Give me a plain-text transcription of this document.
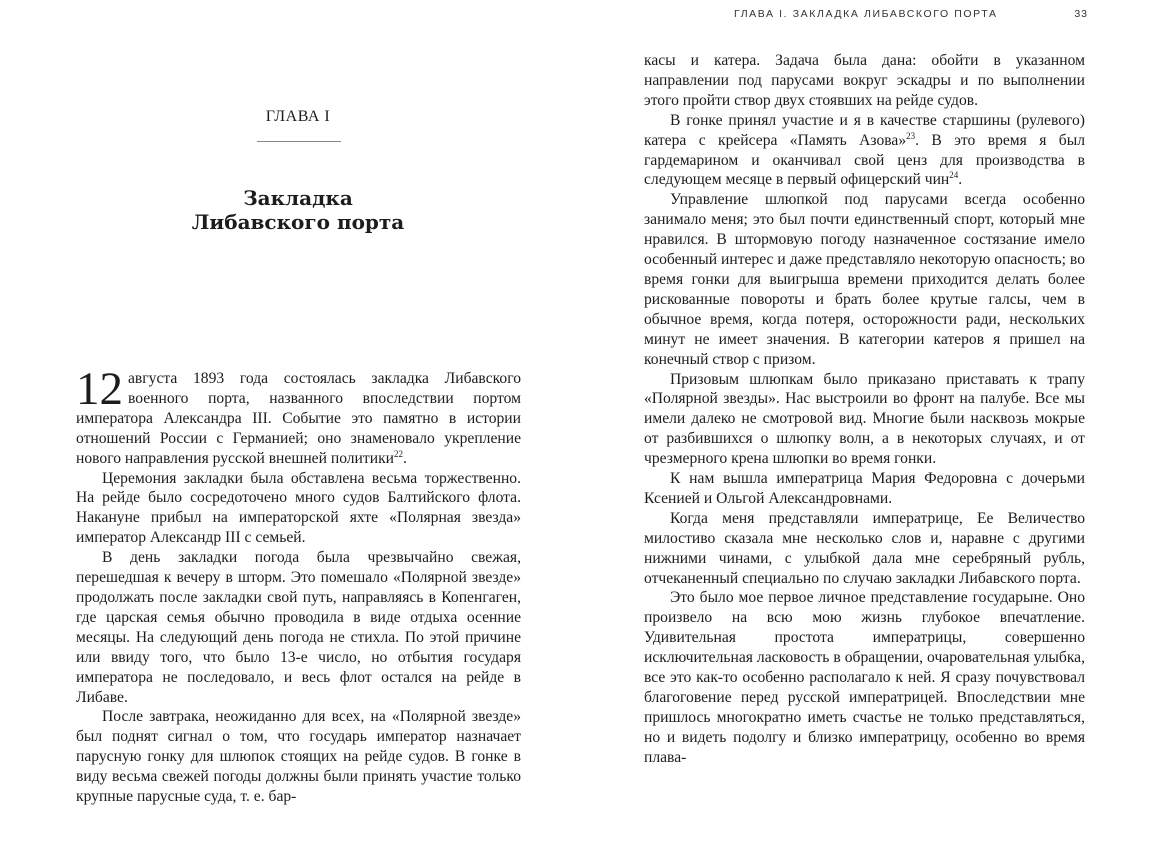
ГЛАВА I
Закладка
Либавского порта

12 августа 1893 года состоялась закладка Либавского военного порта, названного впоследствии портом императора Александра III. Событие это памятно в истории отношений России с Германией; оно знаменовало укрепление нового направления русской внешней политики$^{22}$.

Церемония закладки была обставлена весьма торжественно. На рейде было сосредоточено много судов Балтийского флота. Накануне прибыл на императорской яхте «Полярная звезда» император Александр III с семьей.

В день закладки погода была чрезвычайно свежая, перешедшая к вечеру в шторм. Это помешало «Полярной звезде» продолжать после закладки свой путь, направляясь в Копенгаген, где царская семья обычно проводила в виде отдыха осенние месяцы. На следующий день погода не стихла. По этой причине или ввиду того, что было 13-е число, но отбытия государя императора не последовало, и весь флот остался на рейде в Либаве.

После завтрака, неожиданно для всех, на «Полярной звезде» был поднят сигнал о том, что государь император назначает парусную гонку для шлюпок стоящих на рейде судов. В гонке в виду весьма свежей погоды должны были принять участие только крупные парусные суда, т. е. бар-

ГЛАВА I. ЗАКЛАДКА ЛИБАВСКОГО ПОРТА	33

касы и катера. Задача была дана: обойти в указанном направлении под парусами вокруг эскадры и по выполнении этого пройти створ двух стоявших на рейде судов.

В гонке принял участие и я в качестве старшины (рулевого) катера с крейсера «Память Азова»$^{23}$. В это время я был гардемарином и оканчивал свой ценз для производства в следующем месяце в первый офицерский чин$^{24}$.

Управление шлюпкой под парусами всегда особенно занимало меня; это был почти единственный спорт, который мне нравился. В штормовую погоду назначенное состязание имело особенный интерес и даже представляло некоторую опасность; во время гонки для выигрыша времени приходится делать более рискованные повороты и брать более крутые галсы, чем в обычное время, когда потеря, осторожности ради, нескольких минут не имеет значения. В категории катеров я пришел на конечный створ с призом.

Призовым шлюпкам было приказано приставать к трапу «Полярной звезды». Нас выстроили во фронт на палубе. Все мы имели далеко не смотровой вид. Многие были насквозь мокрые от разбившихся о шлюпку волн, а в некоторых случаях, и от чрезмерного крена шлюпки во время гонки.

К нам вышла императрица Мария Федоровна с дочерьми Ксенией и Ольгой Александровнами.

Когда меня представляли императрице, Ее Величество милостиво сказала мне несколько слов и, наравне с другими нижними чинами, с улыбкой дала мне серебряный рубль, отчеканенный специально по случаю закладки Либавского порта.

Это было мое первое личное представление государыне. Оно произвело на всю мою жизнь глубокое впечатление. Удивительная простота императрицы, совершенно исключительная ласковость в обращении, очаровательная улыбка, все это как-то особенно располагало к ней. Я сразу почувствовал благоговение перед русской императрицей. Впоследствии мне пришлось многократно иметь счастье не только представляться, но и видеть подолгу и близко императрицу, особенно во время плава-
